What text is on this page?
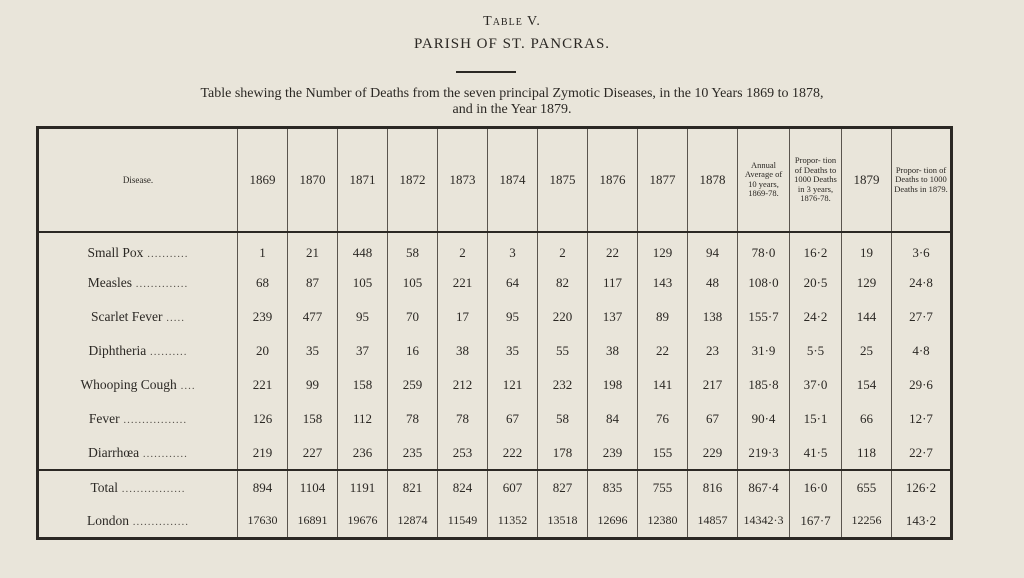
Table V.
PARISH OF ST. PANCRAS.
Table shewing the Number of Deaths from the seven principal Zymotic Diseases, in the 10 Years 1869 to 1878,
and in the Year 1879.
Disease.	1869	1870	1871	1872	1873	1874	1875	1876	1877	1878	Annual Average of 10 years, 1869-78.	Propor- tion of Deaths to 1000 Deaths in 3 years, 1876-78.	1879	Propor- tion of Deaths to 1000 Deaths in 1879.
Small Pox ...........	1	21	448	58	2	3	2	22	129	94	78·0	16·2	19	3·6
Measles ..............	68	87	105	105	221	64	82	117	143	48	108·0	20·5	129	24·8
Scarlet Fever .....	239	477	95	70	17	95	220	137	89	138	155·7	24·2	144	27·7
Diphtheria ..........	20	35	37	16	38	35	55	38	22	23	31·9	5·5	25	4·8
Whooping Cough ....	221	99	158	259	212	121	232	198	141	217	185·8	37·0	154	29·6
Fever .................	126	158	112	78	78	67	58	84	76	67	90·4	15·1	66	12·7
Diarrhœa ............	219	227	236	235	253	222	178	239	155	229	219·3	41·5	118	22·7
Total .................	894	1104	1191	821	824	607	827	835	755	816	867·4	16·0	655	126·2
London ...............	17630	16891	19676	12874	11549	11352	13518	12696	12380	14857	14342·3	167·7	12256	143·2
